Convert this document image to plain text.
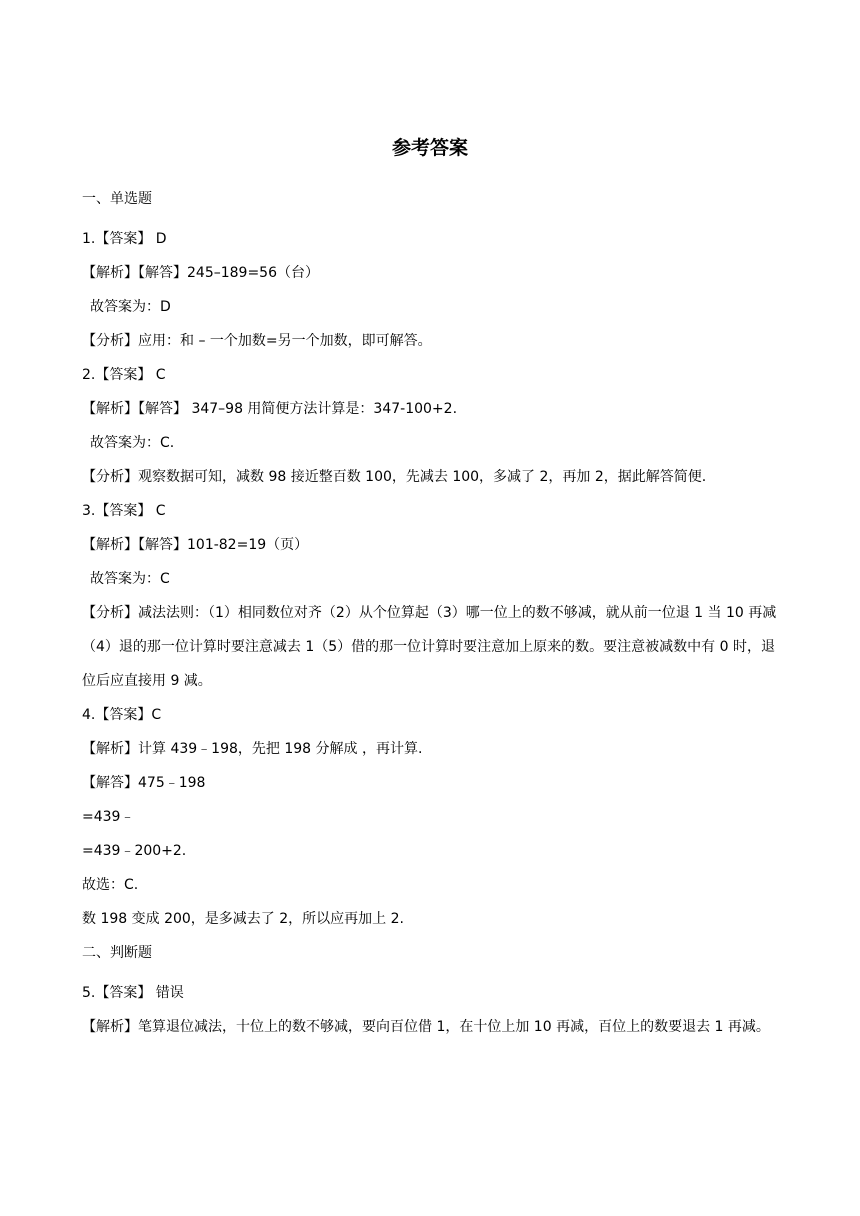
参考答案
一、单选题
1.【答案】 D
【解析】【解答】245–189=56（台）
故答案为：D
【分析】应用：和 – 一个加数=另一个加数，即可解答。
2.【答案】 C
【解析】【解答】 347–98 用简便方法计算是：347-100+2.
故答案为：C.
【分析】观察数据可知，减数 98 接近整百数 100，先减去 100，多减了 2，再加 2，据此解答简便.
3.【答案】 C
【解析】【解答】101-82=19（页）
故答案为：C
【分析】减法法则：（1）相同数位对齐（2）从个位算起（3）哪一位上的数不够减，就从前一位退 1 当 10 再减（4）退的那一位计算时要注意减去 1（5）借的那一位计算时要注意加上原来的数。要注意被减数中有 0 时，退位后应直接用 9 减。
4.【答案】C
【解析】计算 439﹣198，先把 198 分解成 ，再计算.
【解答】475﹣198
=439﹣
=439﹣200+2.
故选：C.
数 198 变成 200，是多减去了 2，所以应再加上 2.
二、判断题
5.【答案】 错误
【解析】笔算退位减法，十位上的数不够减，要向百位借 1，在十位上加 10 再减，百位上的数要退去 1 再减。
